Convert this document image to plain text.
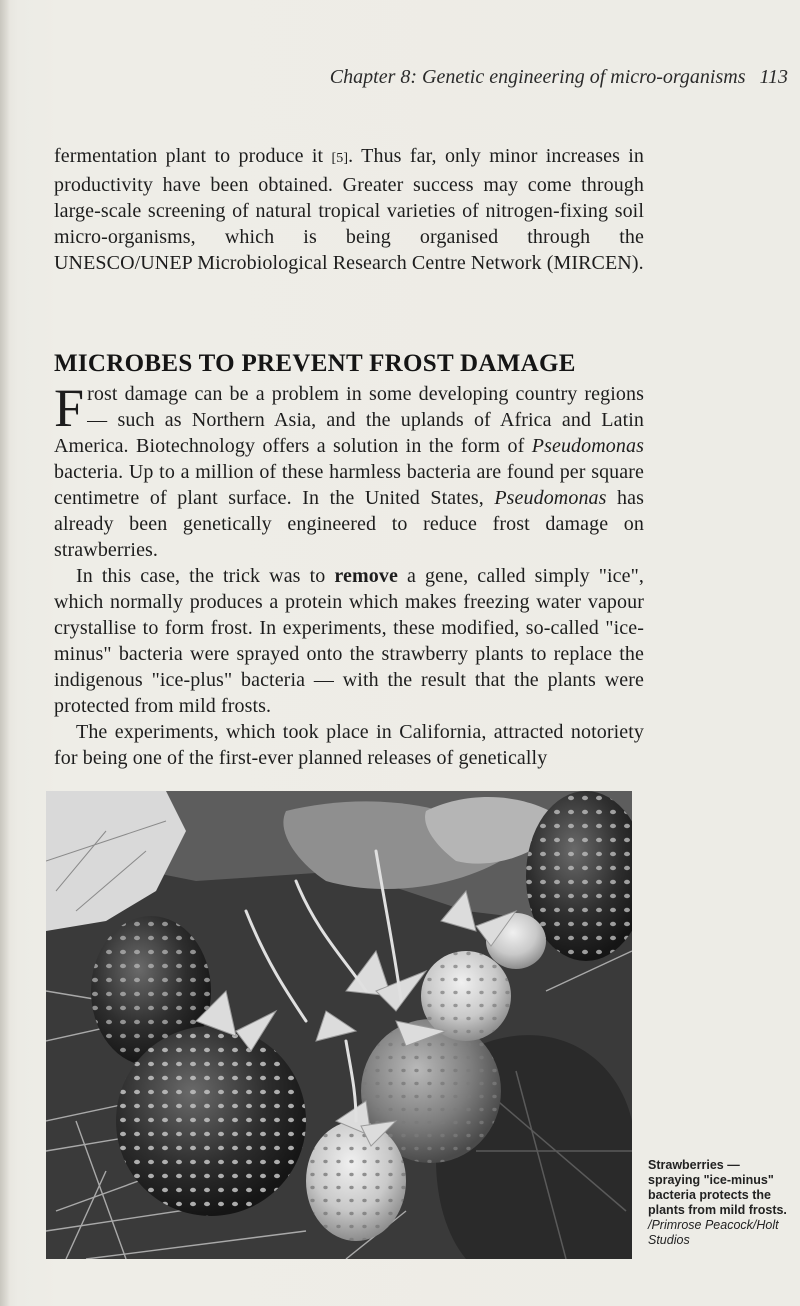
Chapter 8: Genetic engineering of micro-organisms 113

fermentation plant to produce it [5]. Thus far, only minor increases in productivity have been obtained. Greater success may come through large-scale screening of natural tropical varieties of nitrogen-fixing soil micro-organisms, which is being organised through the UNESCO/UNEP Microbiological Research Centre Network (MIRCEN).

MICROBES TO PREVENT FROST DAMAGE

Frost damage can be a problem in some developing country regions — such as Northern Asia, and the uplands of Africa and Latin America. Biotechnology offers a solution in the form of Pseudomonas bacteria. Up to a million of these harmless bacteria are found per square centimetre of plant surface. In the United States, Pseudomonas has already been genetically engineered to reduce frost damage on strawberries.

In this case, the trick was to remove a gene, called simply "ice", which normally produces a protein which makes freezing water vapour crystallise to form frost. In experiments, these modified, so-called "ice-minus" bacteria were sprayed onto the strawberry plants to replace the indigenous "ice-plus" bacteria — with the result that the plants were protected from mild frosts.

The experiments, which took place in California, attracted notoriety for being one of the first-ever planned releases of genetically

Strawberries — spraying "ice-minus" bacteria protects the plants from mild frosts. /Primrose Peacock/Holt Studios
